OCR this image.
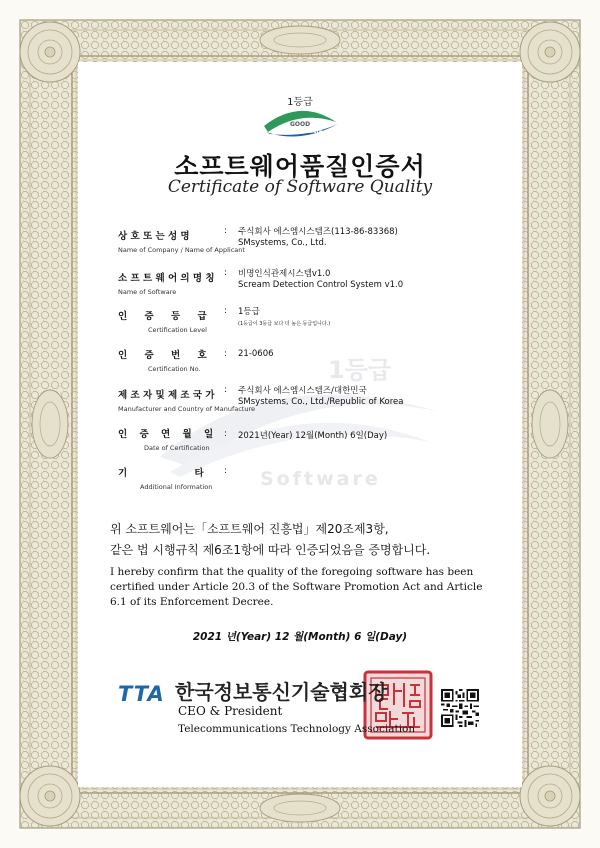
1등급
Software
1등급
GOOD
Software
소프트웨어품질인증서
Certificate of Software Quality
상 호 또 는 성 명
Name of Company / Name of Applicant
: 주식회사 에스엠시스템즈(113-86-83368)
SMsystems, Co., Ltd.
소 프 트 웨 어 의 명 칭
Name of Software
: 비명인식관제시스템v1.0
Scream Detection Control System v1.0
인 증 등 급
Certification Level
: 1등급
(1등급이 3등급 보다 더 높은 등급입니다.)
인 증 번 호
Certification No.
: 21-0606
제 조 자 및 제 조 국 가
Manufacturer and Country of Manufacture
: 주식회사 에스엠시스템즈/대한민국
SMsystems, Co., Ltd./Republic of Korea
인 증 연 월 일
Date of Certification
: 2021년(Year) 12월(Month) 6일(Day)
기 타
Additional Information
:
위 소프트웨어는「소프트웨어 진흥법」제20조제3항,
같은 법 시행규칙 제6조1항에 따라 인증되었음을 증명합니다.
I hereby confirm that the quality of the foregoing software has been certified under Article 20.3 of the Software Promotion Act and Article 6.1 of its Enforcement Decree.
2021 년(Year) 12 월(Month) 6 일(Day)
TTA 한국정보통신기술협회장
CEO & President
Telecommunications Technology Association
